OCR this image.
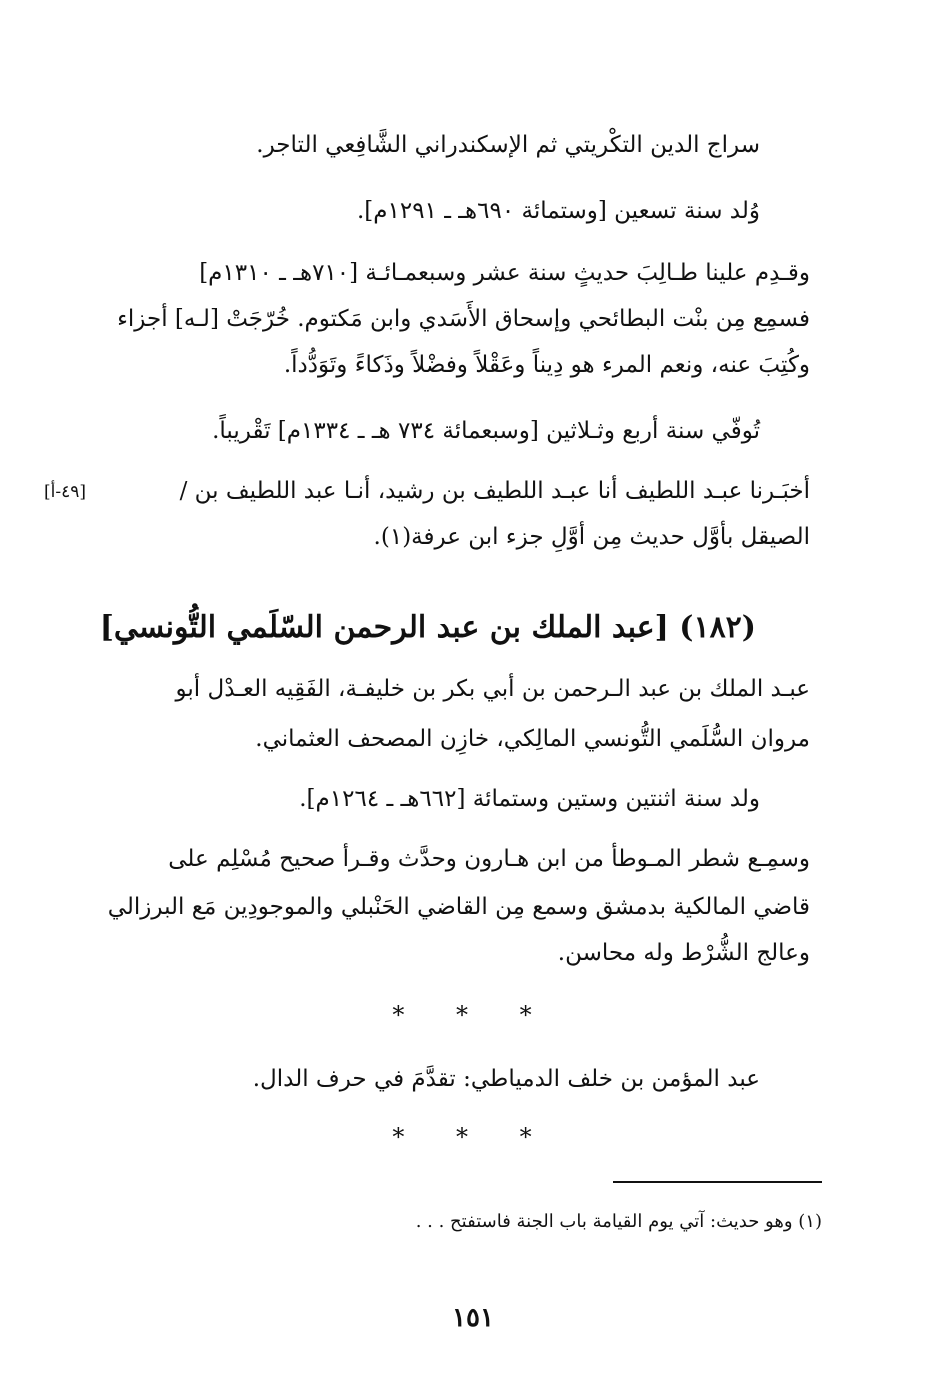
سراج الدين التكْريتي ثم الإسكندراني الشَّافِعي التاجر.
وُلد سنة تسعين [وستمائة ٦٩٠هـ ـ ١٢٩١م].
وقـدِم علينا طـالِبَ حديثٍ سنة عشر وسبعمـائـة [٧١٠هـ ـ ١٣١٠م]
فسمِع مِن بنْت البطائحي وإسحاق الأَسَدي وابن مَكتوم. خُرّجَتْ [لـه] أجزاء
وكُتِبَ عنه، ونعم المرء هو دِيناً وعَقْلاً وفضْلاً وذَكاءً وتَوَدُّداً.
تُوفّي سنة أربع وثـلاثين [وسبعمائة ٧٣٤ هـ ـ ١٣٣٤م] تَقْريباً.
أخبَـرنا عبـد اللطيف أنا عبـد اللطيف بن رشيد، أنـا عبد اللطيف بن /
الصيقل بأوَّل حديث مِن أوَّلِ جزء ابن عرفة(١).
[٤٩-أ]
(١٨٢) [عبد الملك بن عبد الرحمن السّلَمي التُّونسي]
عبـد الملك بن عبد الـرحمن بن أبي بكر بن خليفـة، الفَقِيه العـدْل أبو
مروان السُّلَمي التُّونسي المالِكي، خازِن المصحف العثماني.
ولد سنة اثنتين وستين وستمائة [٦٦٢هـ ـ ١٢٦٤م].
وسمِـع شطر المـوطأ من ابن هـارون وحدَّث وقـرأ صحيح مُسْلِم على
قاضي المالكية بدمشق وسمع مِن القاضي الحَنْبلي والموجودِين مَع البرزالي
وعالج الشُّرْط وله محاسن.
* * *
عبد المؤمن بن خلف الدمياطي: تقدَّمَ في حرف الدال.
* * *
(١) وهو حديث: آتي يوم القيامة باب الجنة فاستفتح . . .
١٥١
